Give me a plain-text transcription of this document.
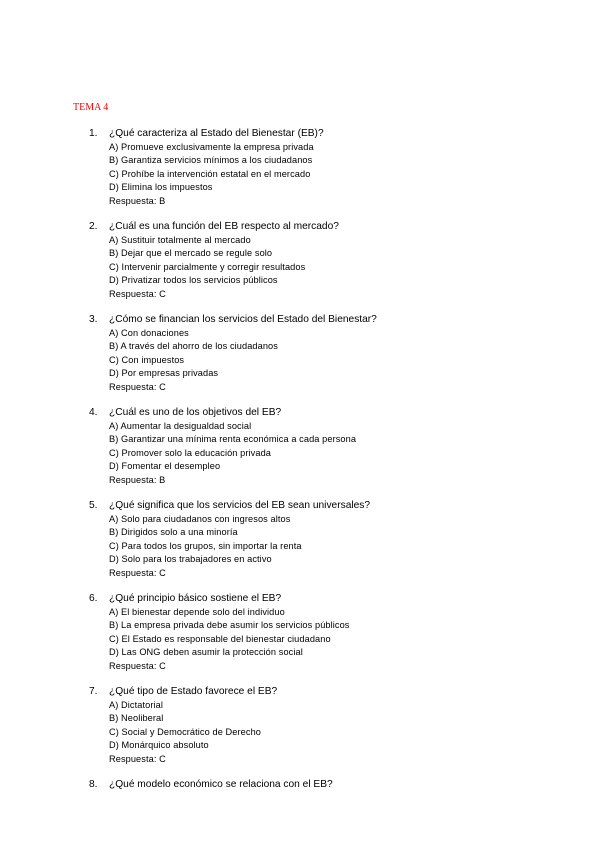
TEMA 4
1.	¿Qué caracteriza al Estado del Bienestar (EB)?
A) Promueve exclusivamente la empresa privada
B) Garantiza servicios mínimos a los ciudadanos
C) Prohíbe la intervención estatal en el mercado
D) Elimina los impuestos
Respuesta: B
2.	¿Cuál es una función del EB respecto al mercado?
A) Sustituir totalmente al mercado
B) Dejar que el mercado se regule solo
C) Intervenir parcialmente y corregir resultados
D) Privatizar todos los servicios públicos
Respuesta: C
3.	¿Cómo se financian los servicios del Estado del Bienestar?
A) Con donaciones
B) A través del ahorro de los ciudadanos
C) Con impuestos
D) Por empresas privadas
Respuesta: C
4.	¿Cuál es uno de los objetivos del EB?
A) Aumentar la desigualdad social
B) Garantizar una mínima renta económica a cada persona
C) Promover solo la educación privada
D) Fomentar el desempleo
Respuesta: B
5.	¿Qué significa que los servicios del EB sean universales?
A) Solo para ciudadanos con ingresos altos
B) Dirigidos solo a una minoría
C) Para todos los grupos, sin importar la renta
D) Solo para los trabajadores en activo
Respuesta: C
6.	¿Qué principio básico sostiene el EB?
A) El bienestar depende solo del individuo
B) La empresa privada debe asumir los servicios públicos
C) El Estado es responsable del bienestar ciudadano
D) Las ONG deben asumir la protección social
Respuesta: C
7.	¿Qué tipo de Estado favorece el EB?
A) Dictatorial
B) Neoliberal
C) Social y Democrático de Derecho
D) Monárquico absoluto
Respuesta: C
8.	¿Qué modelo económico se relaciona con el EB?
